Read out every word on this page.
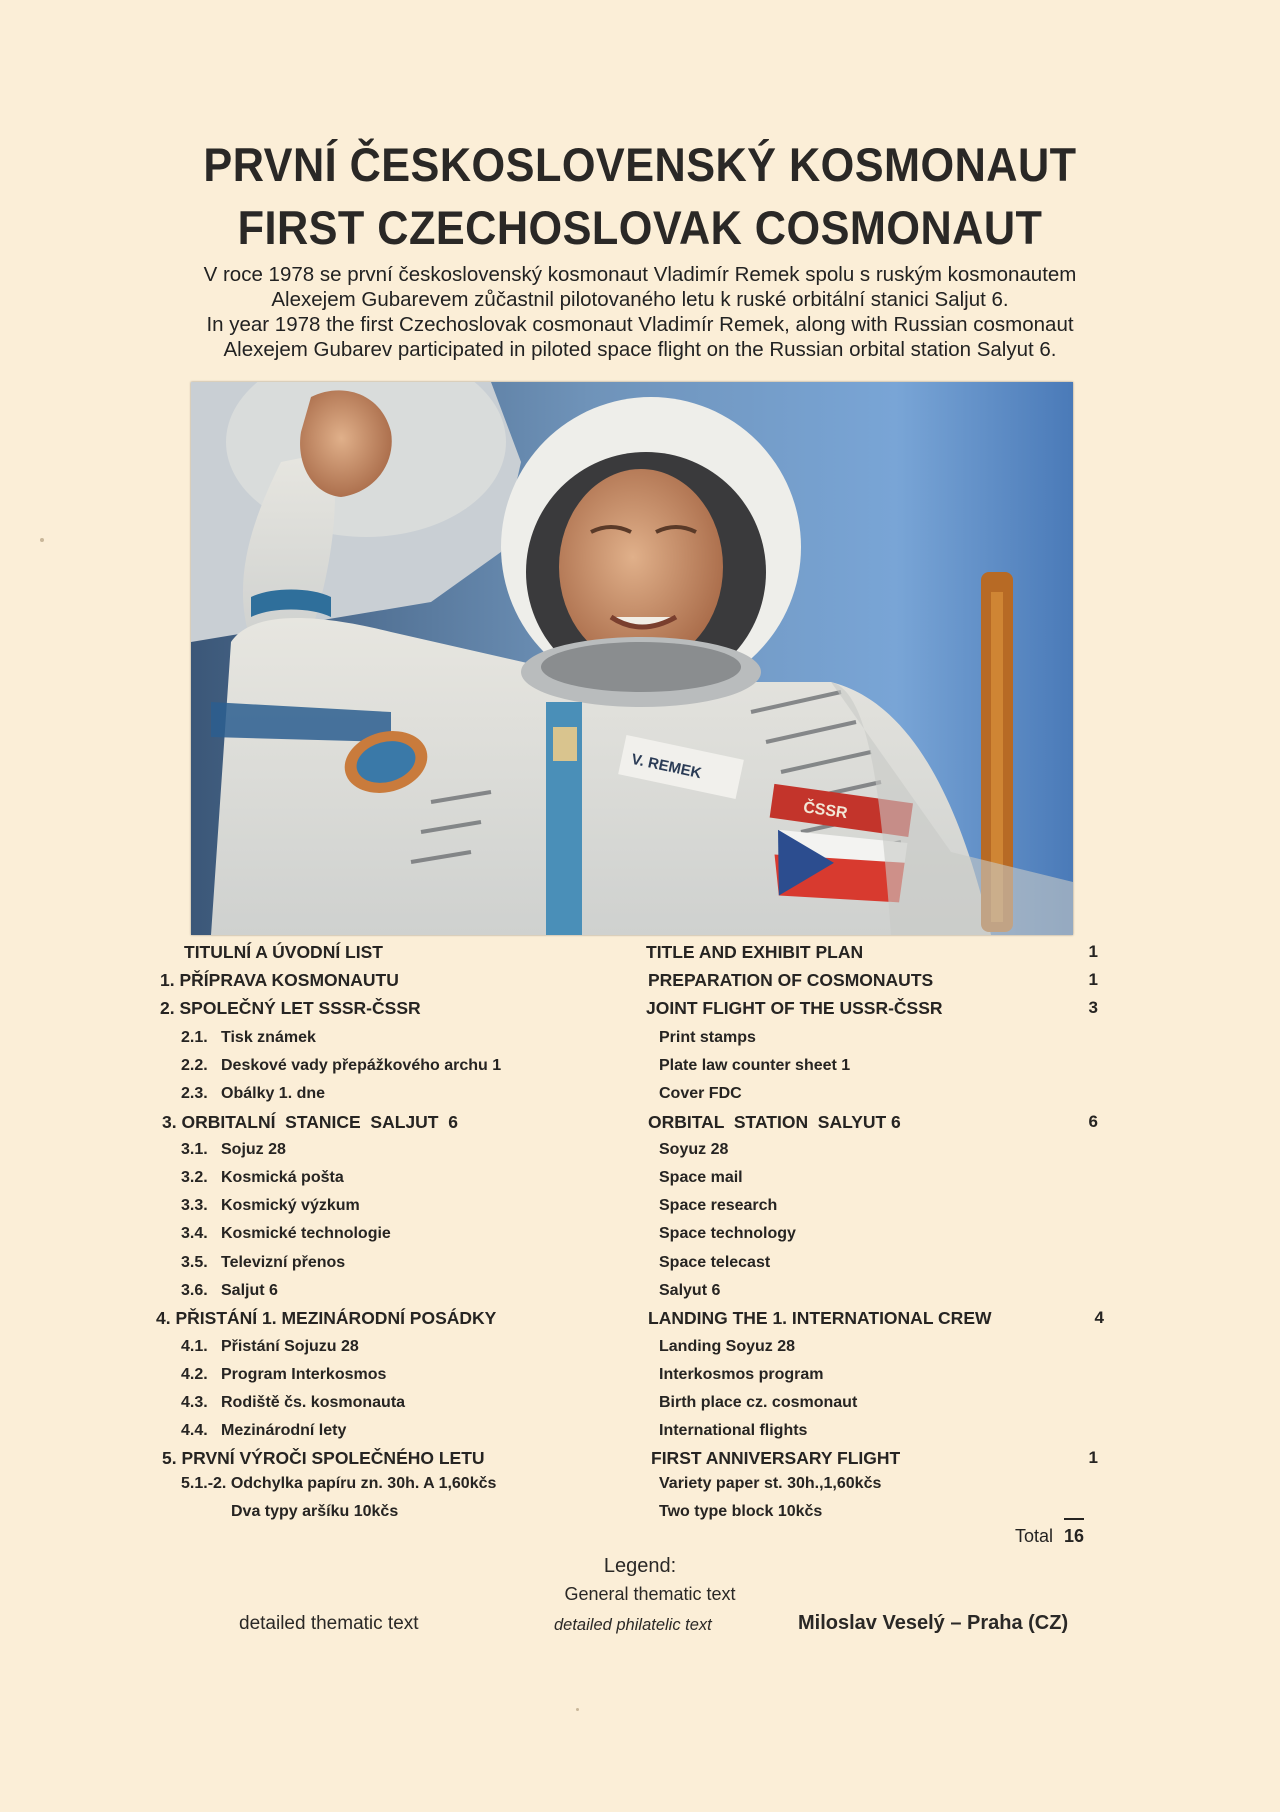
PRVNÍ ČESKOSLOVENSKÝ KOSMONAUT
FIRST CZECHOSLOVAK COSMONAUT

V roce 1978 se první československý kosmonaut Vladimír Remek spolu s ruským kosmonautem

Alexejem Gubarevem zůčastnil pilotovaného letu k ruské orbitální stanici Saljut 6.

In year 1978 the first Czechoslovak cosmonaut Vladimír Remek, along with Russian cosmonaut

Alexejem Gubarev participated in piloted space flight on the Russian orbital station Salyut 6.

V. REMEK
ČSSR
TITULNÍ A ÚVODNÍ LIST	TITLE AND EXHIBIT PLAN	1
1. PŘÍPRAVA KOSMONAUTU	PREPARATION OF COSMONAUTS	1
2. SPOLEČNÝ LET SSSR-ČSSR	JOINT FLIGHT OF THE USSR-ČSSR	3
2.1. Tisk známek	Print stamps
2.2. Deskové vady přepážkového archu 1	Plate law counter sheet 1
2.3. Obálky 1. dne	Cover FDC
3. ORBITALNÍ  STANICE  SALJUT  6	ORBITAL  STATION  SALYUT 6	6
3.1. Sojuz 28	Soyuz 28
3.2. Kosmická pošta	Space mail
3.3. Kosmický výzkum	Space research
3.4. Kosmické technologie	Space technology
3.5. Televizní přenos	Space telecast
3.6. Saljut 6	Salyut 6
4. PŘISTÁNÍ 1. MEZINÁRODNÍ POSÁDKY	LANDING THE 1. INTERNATIONAL CREW	4
4.1. Přistání Sojuzu 28	Landing Soyuz 28
4.2. Program Interkosmos	Interkosmos program
4.3. Rodiště čs. kosmonauta	Birth place cz. cosmonaut
4.4. Mezinárodní lety	International flights
5. PRVNÍ VÝROČI SPOLEČNÉHO LETU	FIRST ANNIVERSARY FLIGHT	1
5.1.-2. Odchylka papíru zn. 30h. A 1,60kčs	Variety paper st. 30h.,1,60kčs
Dva typy aršíku 10kčs	Two type block 10kčs
Total 16
Legend:
General thematic text
detailed thematic text	detailed philatelic text	Miloslav Veselý – Praha (CZ)
